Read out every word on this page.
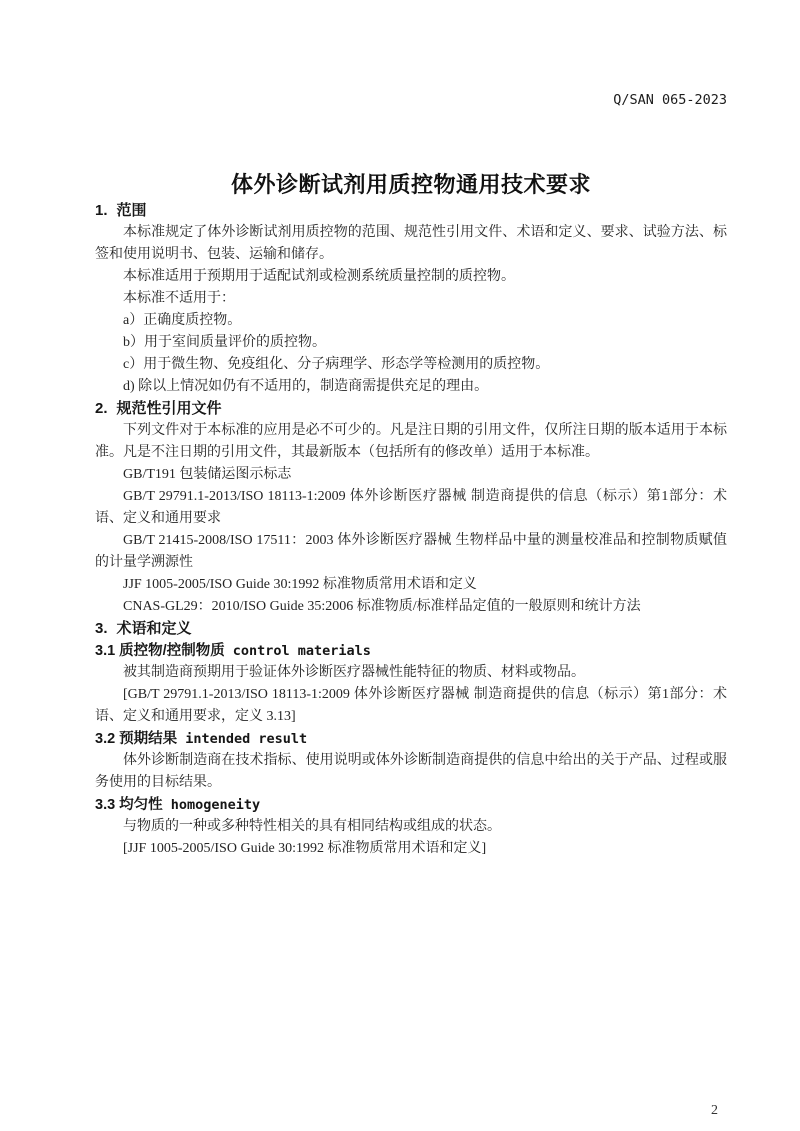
Q/SAN 065-2023
体外诊断试剂用质控物通用技术要求
1. 范围

本标准规定了体外诊断试剂用质控物的范围、规范性引用文件、术语和定义、要求、试验方法、标签和使用说明书、包装、运输和储存。

本标准适用于预期用于适配试剂或检测系统质量控制的质控物。

本标准不适用于：

a）正确度质控物。

b）用于室间质量评价的质控物。

c）用于微生物、免疫组化、分子病理学、形态学等检测用的质控物。

d) 除以上情况如仍有不适用的，制造商需提供充足的理由。

2. 规范性引用文件

下列文件对于本标准的应用是必不可少的。凡是注日期的引用文件，仅所注日期的版本适用于本标准。凡是不注日期的引用文件，其最新版本（包括所有的修改单）适用于本标准。

GB/T191 包装储运图示标志

GB/T 29791.1-2013/ISO 18113-1:2009 体外诊断医疗器械 制造商提供的信息（标示）第1部分：术语、定义和通用要求

GB/T 21415-2008/ISO 17511：2003 体外诊断医疗器械 生物样品中量的测量校准品和控制物质赋值的计量学溯源性

JJF 1005-2005/ISO Guide 30:1992 标准物质常用术语和定义

CNAS-GL29：2010/ISO Guide 35:2006 标准物质/标准样品定值的一般原则和统计方法

3. 术语和定义
3.1 质控物/控制物质 control materials

被其制造商预期用于验证体外诊断医疗器械性能特征的物质、材料或物品。

[GB/T 29791.1-2013/ISO 18113-1:2009 体外诊断医疗器械 制造商提供的信息（标示）第1部分：术语、定义和通用要求，定义 3.13]

3.2 预期结果 intended result

体外诊断制造商在技术指标、使用说明或体外诊断制造商提供的信息中给出的关于产品、过程或服务使用的目标结果。

3.3 均匀性 homogeneity

与物质的一种或多种特性相关的具有相同结构或组成的状态。

[JJF 1005-2005/ISO Guide 30:1992 标准物质常用术语和定义]

2
